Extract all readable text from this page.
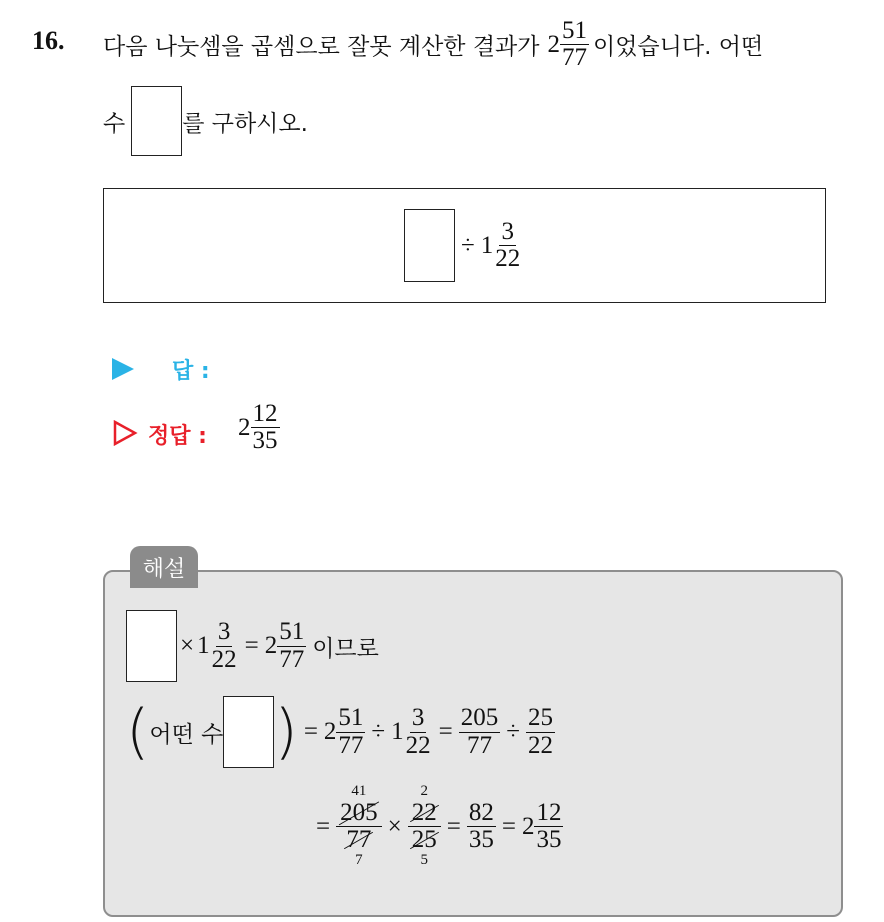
16. 다음 나눗셈을 곱셈으로 잘못 계산한 결과가 $2 \frac{51}{77}$ 이었습니다. 어떤
수 를 구하시오.
÷ $1 \frac{3}{22}$
답 :
정답 : $2 \frac{12}{35}$
해설
× $1 \frac{3}{22} = 2 \frac{51}{77}$ 이므로
( 어떤 수 ) = $2 \frac{51}{77} \div 1 \frac{3}{22} = \frac{205}{77} \div \frac{25}{22}$
=
41
205
77
7
×
2
22
25
5
= $\frac{82}{35} = 2 \frac{12}{35}$
